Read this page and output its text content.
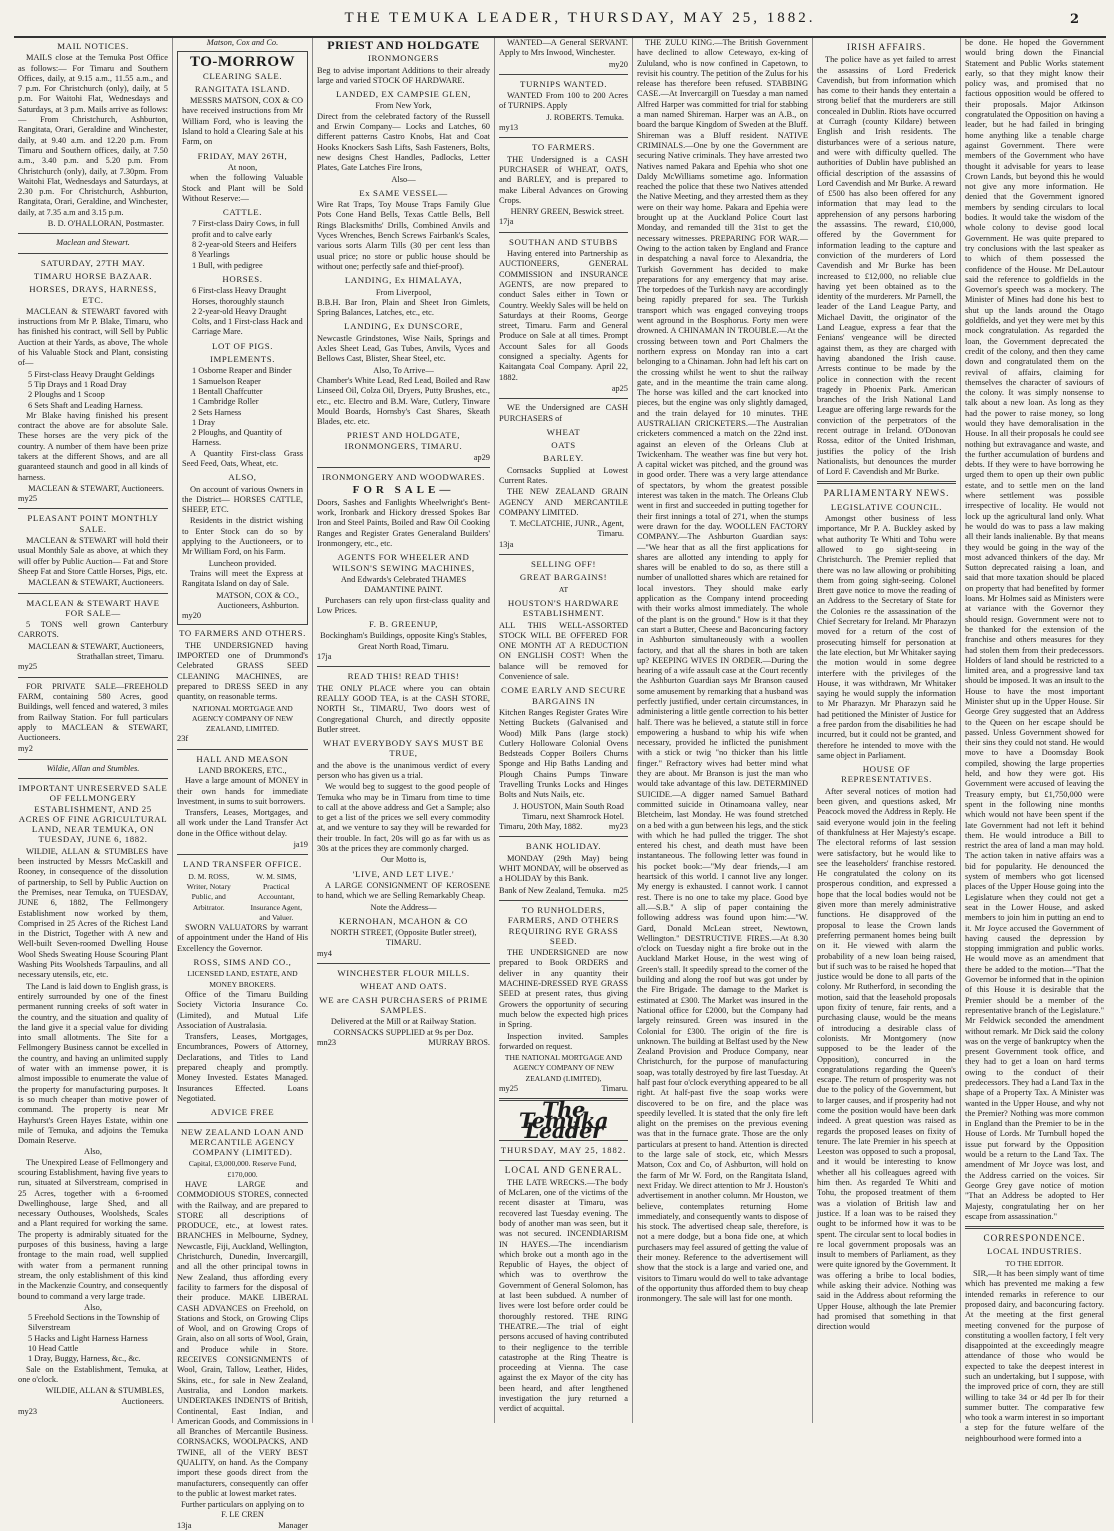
THE TEMUKA LEADER, THURSDAY, MAY 25, 1882.	2
MAIL NOTICES.

MAILS close at the Temuka Post Office as follows:— For Timaru and Southern Offices, daily, at 9.15 a.m., 11.55 a.m., and 7 p.m. For Christchurch (only), daily, at 5 p.m. For Waitohi Flat, Wednesdays and Saturdays, at 3 p.m. Mails arrive as follows:— From Christchurch, Ashburton, Rangitata, Orari, Geraldine and Winchester, daily, at 9.40 a.m. and 12.20 p.m. From Timaru and Southern offices, daily, at 7.50 a.m., 3.40 p.m. and 5.20 p.m. From Christchurch (only), daily, at 7.30pm. From Waitohi Flat, Wednesdays and Saturdays, at 2.30 p.m. For Christchurch, Ashburton, Rangitata, Orari, Geraldine, and Winchester, daily, at 7.35 a.m and 3.15 p.m.

B. D. O'HALLORAN, Postmaster.
Maclean and Stewart.
SATURDAY, 27TH MAY.
TIMARU HORSE BAZAAR.
HORSES, DRAYS, HARNESS, ETC.

MACLEAN & STEWART favored with instructions from Mr P. Blake, Timaru, who has finished his contract, will Sell by Public Auction at their Yards, as above, The whole of his Valuable Stock and Plant, consisting of—

5 First-class Heavy Draught Geldings
5 Tip Drays and 1 Road Dray
2 Ploughs and 1 Scoop
6 Sets Shaft and Leading Harness.

Mr Blake having finished his present contract the above are for absolute Sale. These horses are the very pick of the country. A number of them have been prize takers at the different Shows, and are all guaranteed staunch and good in all kinds of harness.

MACLEAN & STEWART, Auctioneers.
my25
PLEASANT POINT MONTHLY SALE.

MACLEAN & STEWART will hold their usual Monthly Sale as above, at which they will offer by Public Auction— Fat and Store Sheep Fat and Store Cattle Horses, Pigs, etc.

MACLEAN & STEWART, Auctioneers.
MACLEAN & STEWART HAVE FOR SALE—

5 TONS well grown Canterbury CARROTS.

MACLEAN & STEWART, Auctioneers, Strathallan street, Timaru.
my25

FOR PRIVATE SALE—FREEHOLD FARM, containing 580 Acres, good Buildings, well fenced and watered, 3 miles from Railway Station. For full particulars apply to MACLEAN & STEWART, Auctioneers.

my2
Wildie, Allan and Stumbles.
IMPORTANT UNRESERVED SALE OF FELLMONGERY ESTABLISHMENT, AND 25 ACRES OF FINE AGRICULTURAL LAND, NEAR TEMUKA, ON TUESDAY, JUNE 6, 1882.

WILDIE, ALLAN & STUMBLES have been instructed by Messrs McCaskill and Rooney, in consequence of the dissolution of partnership, to Sell by Public Auction on the Premises, near Temuka, on TUESDAY, JUNE 6, 1882, The Fellmongery Establishment now worked by them, Comprised in 25 Acres of the Richest Land in the District, Together with A new and Well-built Seven-roomed Dwelling House Wool Sheds Sweating House Scouring Plant Washing Pits Woolsheds Tarpaulins, and all necessary utensils, etc, etc.

The Land is laid down to English grass, is entirely surrounded by one of the finest permanent running creeks of soft water in the country, and the situation and quality of the land give it a special value for dividing into small allotments. The Site for a Fellmongery Business cannot be excelled in the country, and having an unlimited supply of water with an immense power, it is almost impossible to enumerate the value of the property for manufacturing purposes. It is so much cheaper than motive power of command. The property is near Mr Hayhurst's Green Hayes Estate, within one mile of Temuka, and adjoins the Temuka Domain Reserve.

Also,

The Unexpired Lease of Fellmongery and scouring Establishment, having five years to run, situated at Silverstream, comprised in 25 Acres, together with a 6-roomed Dwellinghouse, large Shed, and all necessary Outhouses, Woolsheds, Scales and a Plant required for working the same. The property is admirably situated for the purposes of this business, having a large frontage to the main road, well supplied with water from a permanent running stream, the only establishment of this kind in the Mackenzie Country, and consequently bound to command a very large trade.

Also,
5 Freehold Sections in the Township of Silverstream
5 Hacks and Light Harness Harness
10 Head Cattle
1 Dray, Buggy, Harness, &c., &c.

Sale on the Establishment, Temuka, at one o'clock.

WILDIE, ALLAN & STUMBLES, Auctioneers.
my23
Matson, Cox and Co.
TO-MORROW
CLEARING SALE.
RANGITATA ISLAND.

MESSRS MATSON, COX & CO have received instructions from Mr William Ford, who is leaving the Island to hold a Clearing Sale at his Farm, on

FRIDAY, MAY 26TH,
At noon,

when the following Valuable Stock and Plant will be Sold Without Reserve:—

CATTLE.
7 First-class Dairy Cows, in full profit and to calve early
8 2-year-old Steers and Heifers
8 Yearlings
1 Bull, with pedigree
HORSES.
6 First-class Heavy Draught Horses, thoroughly staunch
2 2-year-old Heavy Draught Colts, and 1 First-class Hack and Carriage Mare.
LOT OF PIGS.
IMPLEMENTS.
1 Osborne Reaper and Binder
1 Samuelson Reaper
1 Bentall Chaffcutter
1 Cambridge Roller
2 Sets Harness
1 Dray
2 Ploughs, and Quantity of Harness.

A Quantity First-class Grass Seed Feed, Oats, Wheat, etc.

ALSO,

On account of various Owners in the District— HORSES CATTLE, SHEEP, ETC.

Residents in the district wishing to Enter Stock can do so by applying to the Auctioneers, or to Mr William Ford, on his Farm.

Luncheon provided.

Trains will meet the Express at Rangitata Island on day of Sale.

MATSON, COX & CO., Auctioneers, Ashburton.
my20
TO FARMERS AND OTHERS.

THE UNDERSIGNED having IMPORTED one of Drummond's Celebrated GRASS SEED CLEANING MACHINES, are prepared to DRESS SEED in any quantity, on reasonable terms.

NATIONAL MORTGAGE AND AGENCY COMPANY OF NEW ZEALAND, LIMITED.
23f
HALL AND MEASON
LAND BROKERS, ETC.,

Have a large amount of MONEY in their own hands for immediate Investment, in sums to suit borrowers.

Transfers, Leases, Mortgages, and all work under the Land Transfer Act done in the Office without delay.

ja19
LAND TRANSFER OFFICE.
D. M. ROSS, Writer, Notary Public, and Arbitrator.
W. M. SIMS, Practical Accountant, Insurance Agent, and Valuer.

SWORN VALUATORS by warrant of appointment under the Hand of His Excellency the Governor.

ROSS, SIMS AND CO.,
LICENSED LAND, ESTATE, AND MONEY BROKERS.

Office of the Timaru Building Society Victoria Insurance Co. (Limited), and Mutual Life Association of Australasia.

Transfers, Leases, Mortgages, Encumbrances, Powers of Attorney, Declarations, and Titles to Land prepared cheaply and promptly. Money Invested. Estates Managed. Insurances Effected. Loans Negotiated.

ADVICE FREE
NEW ZEALAND LOAN AND MERCANTILE AGENCY COMPANY (LIMITED).
Capital, £3,000,000. Reserve Fund, £170,000.

HAVE LARGE and COMMODIOUS STORES, connected with the Railway, and are prepared to STORE all descriptions of PRODUCE, etc., at lowest rates. BRANCHES in Melbourne, Sydney, Newcastle, Fiji, Auckland, Wellington, Christchurch, Dunedin, Invercargill, and all the other principal towns in New Zealand, thus affording every facility to farmers for the disposal of their produce. MAKE LIBERAL CASH ADVANCES on Freehold, on Stations and Stock, on Growing Clips of Wool, and on Growing Crops of Grain, also on all sorts of Wool, Grain, and Produce while in Store. RECEIVES CONSIGNMENTS of Wool, Grain, Tallow, Leather, Hides, Skins, etc., for sale in New Zealand, Australia, and London markets. UNDERTAKES INDENTS of British, Continental, East Indian, and American Goods, and Commissions in all Branches of Mercantile Business. CORNSACKS, WOOLPACKS, AND TWINE, all of the VERY BEST QUALITY, on hand. As the Company import these goods direct from the manufacturers, consequently can offer to the public at lowest market rates.

Further particulars on applying on to F. LE CREN
13ja	Manager
PRIEST AND HOLDGATE
IRONMONGERS

Beg to advise important Additions to their already large and varied STOCK OF HARDWARE.

LANDED, EX CAMPSIE GLEN,
From New York,

Direct from the celebrated factory of the Russell and Erwin Company— Locks and Latches, 60 different patterns Castro Knobs, Hat and Coat Hooks Knockers Sash Lifts, Sash Fasteners, Bolts, new designs Chest Handles, Padlocks, Letter Plates, Gate Latches Fire Irons,

Also—
Ex SAME VESSEL—

Wire Rat Traps, Toy Mouse Traps Family Glue Pots Cone Hand Bells, Texas Cattle Bells, Bell Rings Blacksmiths' Drills, Combined Anvils and Vyces Wrenches, Bench Screws Fairbank's Scales, various sorts Alarm Tills (30 per cent less than usual price; no store or public house should be without one; perfectly safe and thief-proof).

LANDING, Ex HIMALAYA,
From Liverpool,

B.B.H. Bar Iron, Plain and Sheet Iron Gimlets, Spring Balances, Latches, etc., etc.

LANDING, Ex DUNSCORE,

Newcastle Grindstones, Wise Nails, Springs and Axles Sheet Lead, Gas Tubes, Anvils, Vyces and Bellows Cast, Blister, Shear Steel, etc.

Also, To Arrive—

Chamber's White Lead, Red Lead, Boiled and Raw Linseed Oil, Colza Oil, Dryers, Putty Brushes, etc., etc., etc. Electro and B.M. Ware, Cutlery, Tinware Mould Boards, Hornsby's Cast Shares, Skeath Blades, etc. etc.

PRIEST AND HOLDGATE, IRONMONGERS, TIMARU.
ap29
IRONMONGERY AND WOODWARES.
FOR SALE—

Doors, Sashes and Fanlights Wheelwright's Bent-work, Ironbark and Hickory dressed Spokes Bar Iron and Steel Paints, Boiled and Raw Oil Cooking Ranges and Register Grates Generaland Builders' Ironmongery, etc., etc.

AGENTS FOR WHEELER AND WILSON'S SEWING MACHINES,
And Edwards's Celebrated THAMES DAMANTINE PAINT.

Purchasers can rely upon first-class quality and Low Prices.

F. B. GREENUP,
Bockingham's Buildings, opposite King's Stables, Great North Road, Timaru.
17ja
READ THIS! READ THIS!

THE ONLY PLACE where you can obtain REALLY GOOD TEA, is at the CASH STORE, NORTH St., TIMARU, Two doors west of Congregational Church, and directly opposite Butler street.

WHAT EVERYBODY SAYS MUST BE TRUE,

and the above is the unanimous verdict of every person who has given us a trial.

We would beg to suggest to the good people of Temuka who may be in Timaru from time to time to call at the above address and Get a Sample; also to get a list of the prices we sell every commodity at, and we venture to say they will be rewarded for their trouble. In fact, 20s will go as far with us as 30s at the prices they are commonly charged.

Our Motto is,
'LIVE, AND LET LIVE.'

A LARGE CONSIGNMENT OF KEROSENE to hand, which we are Selling Remarkably Cheap.

Note the Address—
KERNOHAN, MCAHON & CO
NORTH STREET, (Opposite Butler street), TIMARU.
my4
WINCHESTER FLOUR MILLS.
WHEAT AND OATS.
WE are CASH PURCHASERS of PRIME SAMPLES.
Delivered at the Mill or at Railway Station.
CORNSACKS SUPPLIED at 9s per Doz.
mn23	MURRAY BROS.

WANTED—A General SERVANT. Apply to Mrs Inwood, Winchester.

my20
TURNIPS WANTED.

WANTED From 100 to 200 Acres of TURNIPS. Apply

J. ROBERTS. Temuka.
my13
TO FARMERS.

THE Undersigned is a CASH PURCHASER of WHEAT, OATS, and BARLEY, and is prepared to make Liberal Advances on Growing Crops.

HENRY GREEN, Beswick street.
17ja
SOUTHAN AND STUBBS

Having entered into Partnership as AUCTIONEERS, GENERAL COMMISSION and INSURANCE AGENTS, are now prepared to conduct Sales either in Town or Country. Weekly Sales will be held on Saturdays at their Rooms, George street, Timaru. Farm and General Produce on Sale at all times. Prompt Account Sales for all Goods consigned a specialty. Agents for Kaitangata Coal Company. April 22, 1882.

ap25

WE the Undersigned are CASH PURCHASERS of

WHEAT
OATS
BARLEY.

Cornsacks Supplied at Lowest Current Rates.

THE NEW ZEALAND GRAIN AGENCY AND MERCANTILE COMPANY LIMITED.

T. McCLATCHIE, JUNR., Agent, Timaru.
13ja
SELLING OFF!
GREAT BARGAINS!
AT
HOUSTON'S HARDWARE ESTABLISHMENT.

ALL THIS WELL-ASSORTED STOCK WILL BE OFFERED FOR ONE MONTH AT A REDUCTION ON ENGLISH COST! When the balance will be removed for Convenience of sale.

COME EARLY AND SECURE BARGAINS IN

Kitchen Ranges Register Grates Wire Netting Buckets (Galvanised and Wood) Milk Pans (large stock) Cutlery Holloware Colonial Ovens Bedsteads Copper Boilers Churns Sponge and Hip Baths Landing and Plough Chains Pumps Tinware Travelling Trunks Locks and Hinges Bolts and Nuts Nails, etc.

J. HOUSTON, Main South Road Timaru, next Shamrock Hotel.
Timaru, 20th May, 1882.	my23
BANK HOLIDAY.

MONDAY (29th May) being WHIT MONDAY, will be observed as a HOLIDAY by this Bank.

Bank of New Zealand, Temuka. m25
TO RUNHOLDERS, FARMERS, AND OTHERS REQUIRING RYE GRASS SEED.

THE UNDERSIGNED are now prepared to Book ORDERS and deliver in any quantity their MACHINE-DRESSED RYE GRASS SEED at present rates, thus giving Growers the opportunity of securing much below the expected high prices in Spring.

Inspection invited. Samples forwarded on request.

THE NATIONAL MORTGAGE AND AGENCY COMPANY OF NEW ZEALAND (LIMITED),
my25	Timaru.
The Temuka Leader
THURSDAY, MAY 25, 1882.
LOCAL AND GENERAL.

THE LATE WRECKS.—The body of McLaren, one of the victims of the recent disaster at Timaru, was recovered last Tuesday evening. The body of another man was seen, but it was not secured. INCENDIARISM IN HAYES.—The incendiarism which broke out a month ago in the Republic of Hayes, the object of which was to overthrow the Government of General Solomon, has at last been subdued. A number of lives were lost before order could be thoroughly restored. THE RING THEATRE.—The trial of eight persons accused of having contributed to their negligence to the terrible catastrophe at the Ring Theatre is proceeding at Vienna. The case against the ex Mayor of the city has been heard, and after lengthened investigation the jury returned a verdict of acquittal.

THE ZULU KING.—The British Government have declined to allow Cetewayo, ex-king of Zululand, who is now confined in Capetown, to revisit his country. The petition of the Zulus for his release has therefore been refused. STABBING CASE.—At Invercargill on Tuesday a man named Alfred Harper was committed for trial for stabbing a man named Shireman. Harper was an A.B., on board the barque Kingdom of Sweden at the Bluff. Shireman was a Bluff resident. NATIVE CRIMINALS.—One by one the Government are securing Native criminals. They have arrested two Natives named Pakara and Epehia who shot one Daldy McWilliams sometime ago. Information reached the police that these two Natives attended the Native Meeting, and they arrested them as they were on their way home. Pakara and Epehia were brought up at the Auckland Police Court last Monday, and remanded till the 31st to get the necessary witnesses. PREPARING FOR WAR.—Owing to the action taken by England and France in despatching a naval force to Alexandria, the Turkish Government has decided to make preparations for any emergency that may arise. The torpedoes of the Turkish navy are accordingly being rapidly prepared for sea. The Turkish transport which was engaged conveying troops went aground in the Bosphorus. Forty men were drowned. A CHINAMAN IN TROUBLE.—At the crossing between town and Port Chalmers the northern express on Monday ran into a cart belonging to a Chinaman. John had left his cart on the crossing whilst he went to shut the railway gate, and in the meantime the train came along. The horse was killed and the cart knocked into pieces, but the engine was only slightly damaged, and the train delayed for 10 minutes. THE AUSTRALIAN CRICKETERS.—The Australian cricketers commenced a match on the 22nd inst. against an eleven of the Orleans Club at Twickenham. The weather was fine but very hot. A capital wicket was pitched, and the ground was in good order. There was a very large attendance of spectators, by whom the greatest possible interest was taken in the match. The Orleans Club went in first and succeeded in putting together for their first innings a total of 271, when the stumps were drawn for the day. WOOLLEN FACTORY COMPANY.—The Ashburton Guardian says:—"We hear that as all the first applications for shares are allotted any intending to apply for shares will be enabled to do so, as there still a number of unallotted shares which are retained for local investors. They should make early application as the Company intend proceeding with their works almost immediately. The whole of the plant is on the ground." How is it that they can start a Butter, Cheese and Baconcuring factory in Ashburton simultaneously with a woollen factory, and that all the shares in both are taken up? KEEPING WIVES IN ORDER.—During the hearing of a wife assault case at the Court recently the Ashburton Guardian says Mr Branson caused some amusement by remarking that a husband was perfectly justified, under certain circumstances, in administering a little gentle correction to his better half. There was he believed, a statute still in force empowering a husband to whip his wife when necessary, provided he inflicted the punishment with a stick or twig "no thicker than his little finger." Refractory wives had better mind what they are about. Mr Branson is just the man who would take advantage of this law. DETERMINED SUICIDE.—A digger named Samuel Bathard committed suicide in Otinamoana valley, near Bletcheim, last Monday. He was found stretched on a bed with a gun between his legs, and the stick with which he had pulled the trigger. The shot entered his chest, and death must have been instantaneous. The following letter was found in his pocket book:—"My dear friends,—I am heartsick of this world. I cannot live any longer. My energy is exhausted. I cannot work. I cannot rest. There is no one to take my place. Good bye all.—S.B." A slip of paper containing the following address was found upon him:—"W. Gard, Donald McLean street, Newtown, Wellington." DESTRUCTIVE FIRES.—At 8.30 o'clock on Tuesday night a fire broke out in the Auckland Market House, in the west wing of Green's stall. It speedily spread to the corner of the building and along the roof but was got under by the Fire Brigade. The damage to the Market is estimated at £300. The Market was insured in the National office for £2000, but the Company had largely reinsured. Green was insured in the Colonial for £300. The origin of the fire is unknown. The building at Belfast used by the New Zealand Provision and Produce Company, near Christchurch, for the purpose of manufacturing soap, was totally destroyed by fire last Tuesday. At half past four o'clock everything appeared to be all right. At half-past five the soap works were discovered to be on fire, and the place was speedily levelled. It is stated that the only fire left alight on the premises on the previous evening was that in the furnace grate. Those are the only particulars at present to hand. Attention is directed to the large sale of stock, etc, which Messrs Matson, Cox and Co, of Ashburton, will hold on the farm of Mr W. Ford, on the Rangitata Island, next Friday. We direct attention to Mr J. Houston's advertisement in another column. Mr Houston, we believe, contemplates returning Home immediately, and consequently wants to dispose of his stock. The advertised cheap sale, therefore, is not a mere dodge, but a bona fide one, at which purchasers may feel assured of getting the value of their money. Reference to the advertisement will show that the stock is a large and varied one, and visitors to Timaru would do well to take advantage of the opportunity thus afforded them to buy cheap ironmongery. The sale will last for one month.

IRISH AFFAIRS.

The police have as yet failed to arrest the assassins of Lord Frederick Cavendish, but from information which has come to their hands they entertain a strong belief that the murderers are still concealed in Dublin. Riots have occurred at Curragh (county Kildare) between English and Irish residents. The disturbances were of a serious nature, and were with difficulty quelled. The authorities of Dublin have published an official description of the assassins of Lord Cavendish and Mr Burke. A reward of £500 has also been offered for any information that may lead to the apprehension of any persons harboring the assassins. The reward, £10,000, offered by the Government for information leading to the capture and conviction of the murderers of Lord Cavendish and Mr Burke has been increased to £12,000, no reliable clue having yet been obtained as to the identity of the murderers. Mr Parnell, the leader of the Land League Party, and Michael Davitt, the originator of the Land League, express a fear that the Fenians' vengeance will be directed against them, as they are charged with having abandoned the Irish cause. Arrests continue to be made by the police in connection with the recent tragedy in Phoenix Park. American branches of the Irish National Land League are offering large rewards for the conviction of the perpetrators of the recent outrage in Ireland. O'Donovan Rossa, editor of the United Irishman, justifies the policy of the Irish Nationalists, but denounces the murder of Lord F. Cavendish and Mr Burke.

PARLIAMENTARY NEWS.
LEGISLATIVE COUNCIL.

Amongst other business of less importance, Mr P. A. Buckley asked by what authority Te Whiti and Tohu were allowed to go sight-seeing in Christchurch. The Premier replied that there was no law allowing or prohibiting them from going sight-seeing. Colonel Brett gave notice to move the reading of an Address to the Secretary of State for the Colonies re the assassination of the Chief Secretary for Ireland. Mr Pharazyn moved for a return of the cost of prosecuting himself for personation at the late election, but Mr Whitaker saying the motion would in some degree interfere with the privileges of the House, it was withdrawn, Mr Whitaker saying he would supply the information to Mr Pharazyn. Mr Pharazyn said he had petitioned the Minister of Justice for a free pardon from the disabilities he had incurred, but it could not be granted, and therefore he intended to move with the same object in Parliament.

HOUSE OF REPRESENTATIVES.

After several notices of motion had been given, and questions asked, Mr Peacock moved the Address in Reply. He said everyone would join in the feeling of thankfulness at Her Majesty's escape. The electoral reforms of last session were satisfactory, but he would like to see the leaseholders' franchise restored. He congratulated the colony on its prosperous condition, and expressed a hope that the local bodies would not be given more than merely administrative functions. He disapproved of the proposal to lease the Crown lands preferring permanent homes being built on it. He viewed with alarm the probability of a new loan being raised, but if such was to be raised he hoped that justice would be done to all parts of the colony. Mr Rutherford, in seconding the motion, said that the leasehold proposals upon fixity of tenure, fair rents, and a purchasing clause, would be the means of introducing a desirable class of colonists. Mr Montgomery (now supposed to be the leader of the Opposition), concurred in the congratulations regarding the Queen's escape. The return of prosperity was not due to the policy of the Government, but to larger causes, and if prosperity had not come the position would have been dark indeed. A great question was raised as regards the proposed leases on fixity of tenure. The late Premier in his speech at Leeston was opposed to such a proposal, and it would be interesting to know whether all his colleagues agreed with him then. As regarded Te Whiti and Tohu, the proposed treatment of them was a violation of British law and justice. If a loan was to be raised they ought to be informed how it was to be spent. The circular sent to local bodies in re local government proposals was an insult to members of Parliament, as they were quite ignored by the Government. It was offering a bribe to local bodies, while asking their advice. Nothing was said in the Address about reforming the Upper House, although the late Premier had promised that something in that direction would

be done. He hoped the Government would bring down the Financial Statement and Public Works statement early, so that they might know their policy was, and promised that no factious opposition would be offered to their proposals. Major Atkinson congratulated the Opposition on having a leader, but he had failed in bringing home anything like a tenable charge against Government. There were members of the Government who have thought it advisable for years to lease Crown Lands, but beyond this he would not give any more information. He denied that the Government ignored members by sending circulars to local bodies. It would take the wisdom of the whole colony to devise good local Government. He was quite prepared to try conclusions with the last speaker as to which of them possessed the confidence of the House. Mr DeLautour said the reference to goldfields in the Governor's speech was a mockery. The Minister of Mines had done his best to shut up the lands around the Otago goldfields, and yet they were met by this mock congratulation. As regarded the loan, the Government deprecated the credit of the colony, and then they came down and congratulated them on the revival of affairs, claiming for themselves the character of saviours of the colony. It was simply nonsense to talk about a new loan. As long as they had the power to raise money, so long would they have demoralisation in the House. In all their proposals he could see nothing but extravagance and waste, and the further accumulation of burdens and debts. If they were to have borrowing he urged them to open up their own public estate, and to settle men on the land where settlement was possible irrespective of locality. He would not lock up the agricultural land only. What he would do was to pass a law making all their lands inalienable. By that means they would be going in the way of the most advanced thinkers of the day. Mr Sutton deprecated raising a loan, and said that more taxation should be placed on property that had benefited by former loans. Mr Holmes said as Ministers were at variance with the Governor they should resign. Government were not to be thanked for the extension of the franchise and others measures for they had stolen them from their predecessors. Holders of land should be restricted to a limited area, and a progressive land tax should be imposed. It was an insult to the House to have the most important Minister shut up in the Upper House. Sir George Grey suggested that an Address to the Queen on her escape should be passed. Unless Government showed for their sins they could not stand. He would move to have a Doomsday Book compiled, showing the large properties held, and how they were got. His Government were accused of leaving the Treasury empty, but £1,750,000 were spent in the following nine months which would not have been spent if the late Government had not left it behind them. He would introduce a Bill to restrict the area of land a man may hold. The action taken in native affairs was a bid for popularity. He denounced the system of members who got licensed places of the Upper House going into the Legislature when they could not get a seat in the Lower House, and asked members to join him in putting an end to it. Mr Joyce accused the Government of having caused the depression by stopping immigration and public works. He would move as an amendment that there be added to the motion—"That the Governor be informed that in the opinion of this House it is desirable that the Premier should be a member of the representative branch of the Legislature." Mr Feldwick seconded the amendment without remark. Mr Dick said the colony was on the verge of bankruptcy when the present Government took office, and they had to get a loan on hard terms owing to the conduct of their predecessors. They had a Land Tax in the shape of a Property Tax. A Minister was wanted in the Upper House, and why not the Premier? Nothing was more common in England than the Premier to be in the House of Lords. Mr Turnbull hoped the issue put forward by the Opposition would be a return to the Land Tax. The amendment of Mr Joyce was lost, and the Address carried on the voices. Sir George Grey gave notice of motion "That an Address be adopted to Her Majesty, congratulating her on her escape from assassination."

CORRESPONDENCE.
LOCAL INDUSTRIES.
TO THE EDITOR.

SIR,—It has been simply want of time which has prevented me making a few intended remarks in reference to our proposed dairy, and baconcuring factory. At the meeting at the first general meeting convened for the purpose of constituting a woollen factory, I felt very disappointed at the exceedingly meagre attendance of those who would be expected to take the deepest interest in such an undertaking, but I suppose, with the improved price of corn, they are still willing to take 34 or 4d per lb for their summer butter. The comparative few who took a warm interest in so important a step for the future welfare of the neighbourhood were formed into a
